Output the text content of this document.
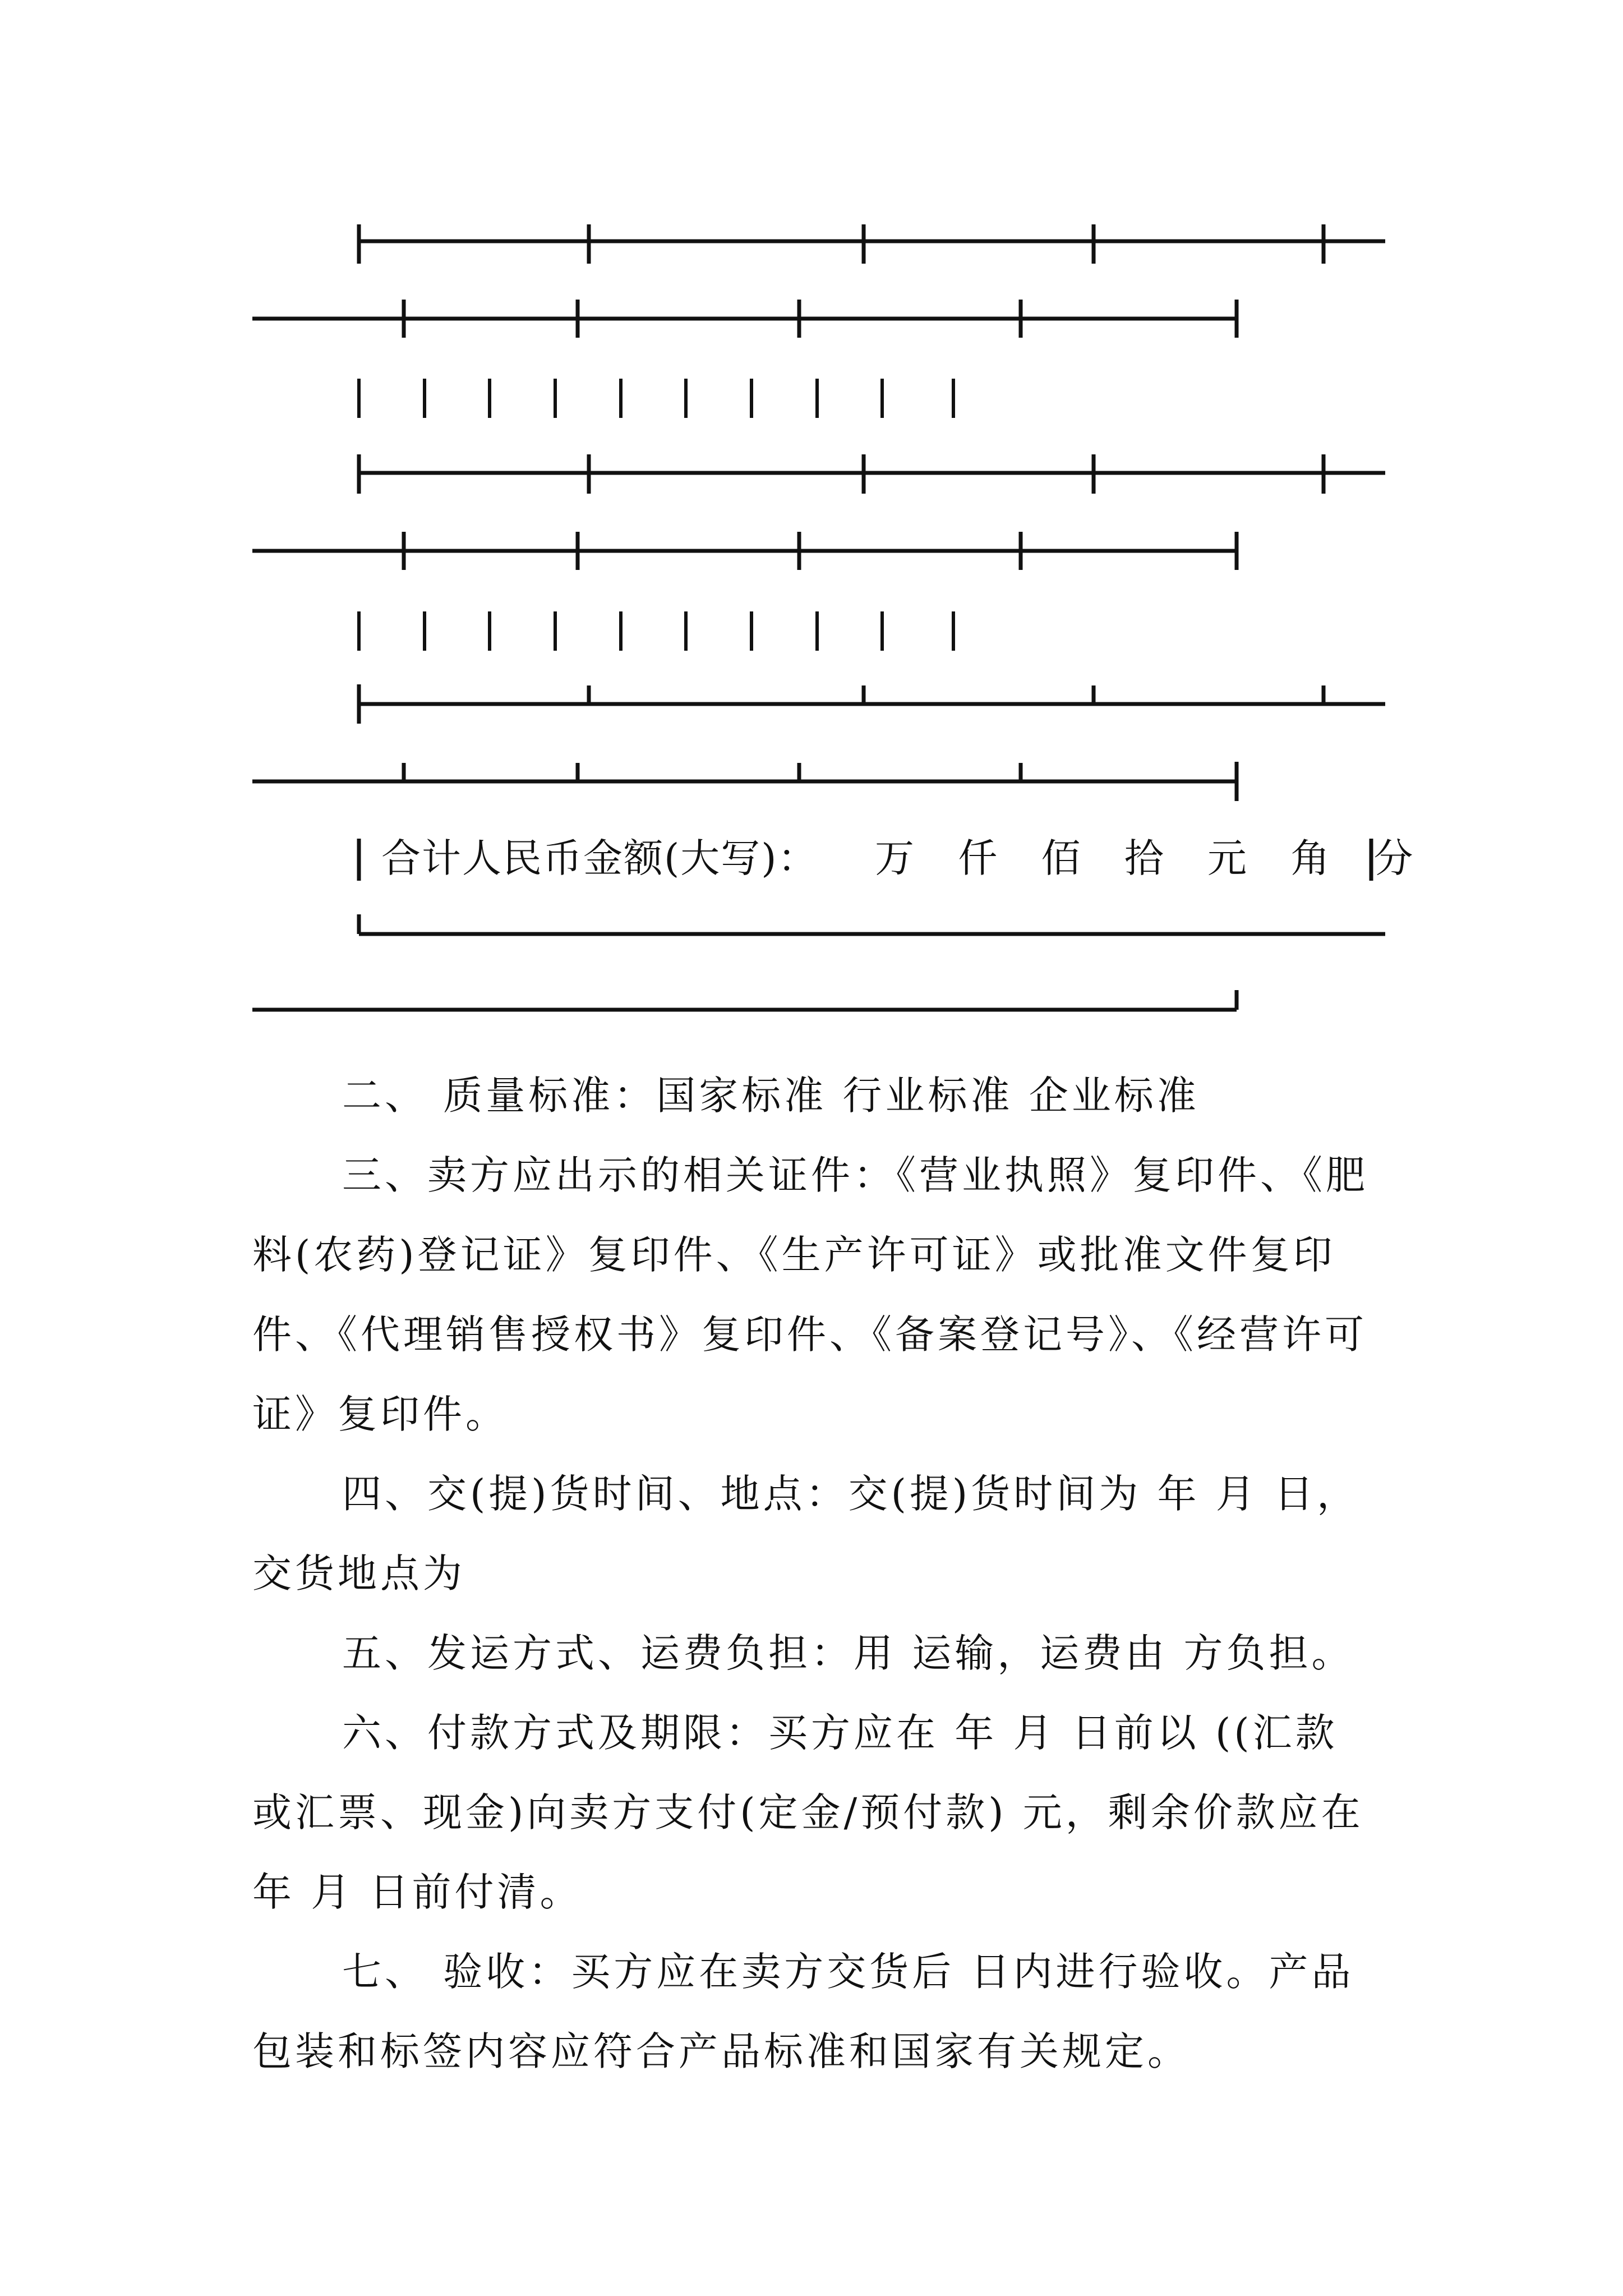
合计人民币金额(大写)： 万 仟 佰 拾 元 角 分

二、 质量标准：国家标准 行业标准 企业标准

三、卖方应出示的相关证件：《营业执照》复印件、《肥料(农药)登记证》复印件、《生产许可证》或批准文件复印件、《代理销售授权书》复印件、《备案登记号》、《经营许可证》复印件。

四、交(提)货时间、地点：交(提)货时间为 年 月 日，交货地点为

五、发运方式、运费负担：用 运输，运费由 方负担。

六、付款方式及期限：买方应在 年 月 日前以 ((汇款或汇票、现金)向卖方支付(定金/预付款) 元，剩余价款应在 年 月 日前付清。

七、 验收：买方应在卖方交货后 日内进行验收。产品包装和标签内容应符合产品标准和国家有关规定。
